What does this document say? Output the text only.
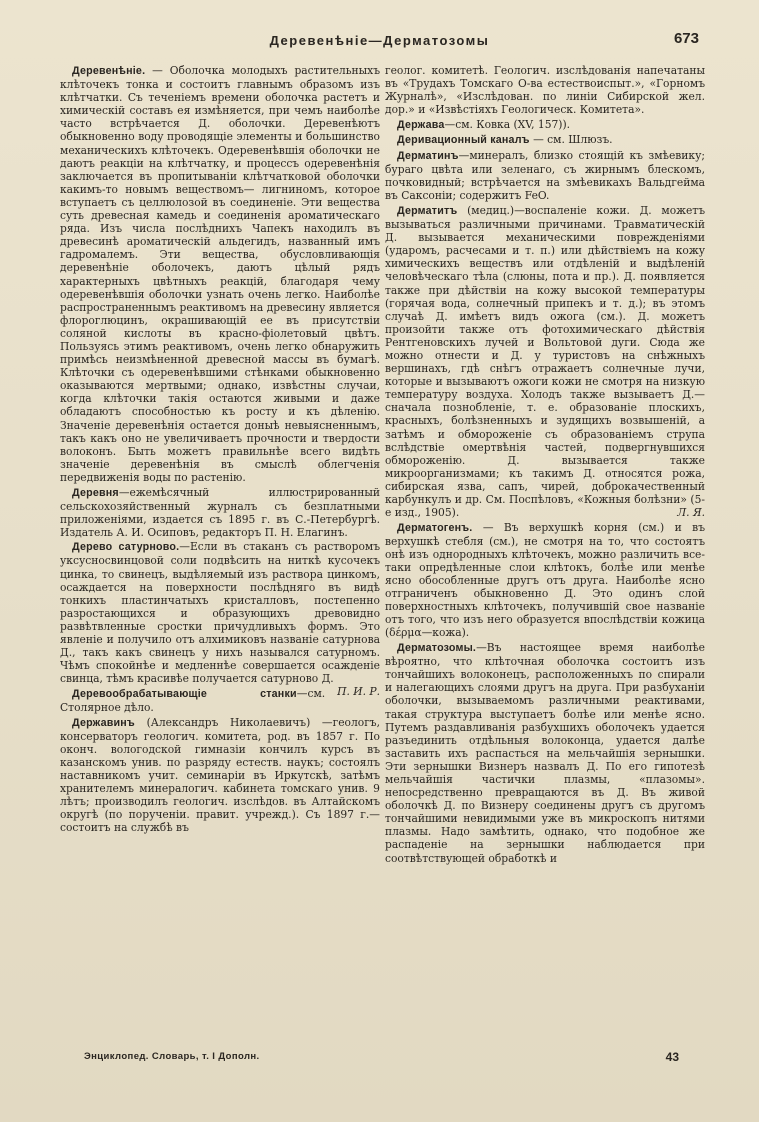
Деревенѣніе—Дерматозомы	673

Деревенѣніе. — Оболочка молодыхъ растительныхъ клѣточекъ тонка и состоитъ главнымъ образомъ изъ клѣтчатки. Съ теченіемъ времени оболочка растетъ и химическій составъ ея измѣняется, при чемъ наиболѣе часто встрѣчается Д. оболочки. Деревенѣютъ обыкновенно воду проводящіе элементы и большинство механическихъ клѣточекъ. Одеревенѣвшія оболочки не даютъ реакціи на клѣтчатку, и процессъ одеревенѣнія заключается въ пропитываніи клѣтчатковой оболочки какимъ-то новымъ веществомъ— лигниномъ, которое вступаетъ съ целлюлозой въ соединеніе. Эти вещества суть древесная камедь и соединенія ароматическаго ряда. Изъ числа послѣднихъ Чапекъ находилъ въ древесинѣ ароматическій альдегидъ, названный имъ гадромалемъ. Эти вещества, обусловливающія деревенѣніе оболочекъ, даютъ цѣлый рядъ характерныхъ цвѣтныхъ реакцій, благодаря чему одеревенѣвшія оболочки узнать очень легко. Наиболѣе распространеннымъ реактивомъ на древесину является флороглюцинъ, окрашивающій ее въ присутствіи соляной кислоты въ красно-фіолетовый цвѣтъ. Пользуясь этимъ реактивомъ, очень легко обнаружить примѣсь неизмѣненной древесной массы въ бумагѣ. Клѣточки съ одеревенѣвшими стѣнками обыкновенно оказываются мертвыми; однако, извѣстны случаи, когда клѣточки такія остаются живыми и даже обладаютъ способностью къ росту и къ дѣленію. Значеніе деревенѣнія остается доныѣ невыясненнымъ, такъ какъ оно не увеличиваетъ прочности и твердости волоконъ. Быть можетъ правильнѣе всего видѣть значеніе деревенѣнія въ смыслѣ облегченія передвиженія воды по растенію.

Деревня—ежемѣсячный иллюстрированный сельскохозяйственный журналъ съ безплатными приложеніями, издается съ 1895 г. въ С.-Петербургѣ. Издатель А. И. Осиповъ, редакторъ П. Н. Елагинъ.

Дерево сатурново.—Если въ стаканъ съ растворомъ уксусносвинцовой соли подвѣсить на ниткѣ кусочекъ цинка, то свинецъ, выдѣляемый изъ раствора цинкомъ, осаждается на поверхности послѣдняго въ видѣ тонкихъ пластинчатыхъ кристалловъ, постепенно разростающихся и образующихъ древовидно развѣтвленные сростки причудливыхъ формъ. Это явленіе и получило отъ алхимиковъ названіе сатурнова Д., такъ какъ свинецъ у нихъ назывался сатурномъ. Чѣмъ спокойнѣе и медленнѣе совершается осажденіе свинца, тѣмъ красивѣе получается сатурново Д.
П. И. Р.

Деревообрабатывающіе станки—см. Столярное дѣло.

Державинъ (Александръ Николаевичъ) —геологъ, консерваторъ геологич. комитета, род. въ 1857 г. По оконч. вологодской гимназіи кончилъ курсъ въ казанскомъ унив. по разряду естеств. наукъ; состоялъ наставникомъ учит. семинаріи въ Иркутскѣ, затѣмъ хранителемъ минералогич. кабинета томскаго унив. 9 лѣтъ; производилъ геологич. изслѣдов. въ Алтайскомъ округѣ (по порученіи. правит. учрежд.). Съ 1897 г.—состоитъ на службѣ въ

геолог. комитетѣ. Геологич. изслѣдованія напечатаны въ «Трудахъ Томскаго О-ва естествоиспыт.», «Горномъ Журналѣ», «Изслѣдован. по линіи Сибирской жел. дор.» и «Извѣстіяхъ Геологическ. Комитета».

Держава—см. Ковка (XV, 157)).

Деривационный каналъ — см. Шлюзъ.

Дерматинъ—минералъ, близко стоящій къ змѣевику; бураго цвѣта или зеленаго, съ жирнымъ блескомъ, почковидный; встрѣчается на змѣевикахъ Вальдгейма въ Саксоніи; содержитъ FeO.

Дерматитъ (медиц.)—воспаленіе кожи. Д. можетъ вызываться различными причинами. Травматическій Д. вызывается механическими поврежденіями (ударомъ, расчесами и т. п.) или дѣйствіемъ на кожу химическихъ веществъ или отдѣленій и выдѣленій человѣческаго тѣла (слюны, пота и пр.). Д. появляется также при дѣйствіи на кожу высокой температуры (горячая вода, солнечный припекъ и т. д.); въ этомъ случаѣ Д. имѣетъ видъ ожога (см.). Д. можетъ произойти также отъ фотохимическаго дѣйствія Рентгеновскихъ лучей и Вольтовой дуги. Сюда же можно отнести и Д. у туристовъ на снѣжныхъ вершинахъ, гдѣ снѣгъ отражаетъ солнечные лучи, которые и вызываютъ ожоги кожи не смотря на низкую температуру воздуха. Холодъ также вызываетъ Д.—сначала познобленіе, т. е. образованіе плоскихъ, красныхъ, болѣзненныхъ и зудящихъ возвышеній, а затѣмъ и обмороженіе съ образованіемъ струпа вслѣдствіе омертвѣнія частей, подвергнувшихся обмороженію. Д. вызывается также микроорганизмами; къ такимъ Д. относятся рожа, сибирская язва, сапъ, чирей, доброкачественный карбункулъ и др. См. Поспѣловъ, «Кожныя болѣзни» (5-е изд., 1905).	Л. Я.

Дерматогенъ. — Въ верхушкѣ корня (см.) и въ верхушкѣ стебля (см.), не смотря на то, что состоятъ онѣ изъ однородныхъ клѣточекъ, можно различить все-таки опредѣленные слои клѣтокъ, болѣе или менѣе ясно обособленные другъ отъ друга. Наиболѣе ясно отграниченъ обыкновенно Д. Это одинъ слой поверхностныхъ клѣточекъ, получившій свое названіе отъ того, что изъ него образуется впослѣдствіи кожица (δέρμα—кожа).

Дерматозомы.—Въ настоящее время наиболѣе вѣроятно, что клѣточная оболочка состоитъ изъ тончайшихъ волоконецъ, расположенныхъ по спирали и налегающихъ слоями другъ на друга. При разбуханіи оболочки, вызываемомъ различными реактивами, такая структура выступаетъ болѣе или менѣе ясно. Путемъ раздавливанія разбухшихъ оболочекъ удается разъединить отдѣльныя волоконца, удается далѣе заставить ихъ распасться на мельчайшія зернышки. Эти зернышки Визнеръ назвалъ Д. По его гипотезѣ мельчайшія частички плазмы, «плазомы». непосредственно превращаются въ Д. Въ живой оболочкѣ Д. по Визнеру соединены другъ съ другомъ тончайшими невидимыми уже въ микроскопъ нитями плазмы. Надо замѣтить, однако, что подобное же распаденіе на зернышки наблюдается при соотвѣтствующей обработкѣ и

Энциклопед. Словарь, т. I Дополн.	43
